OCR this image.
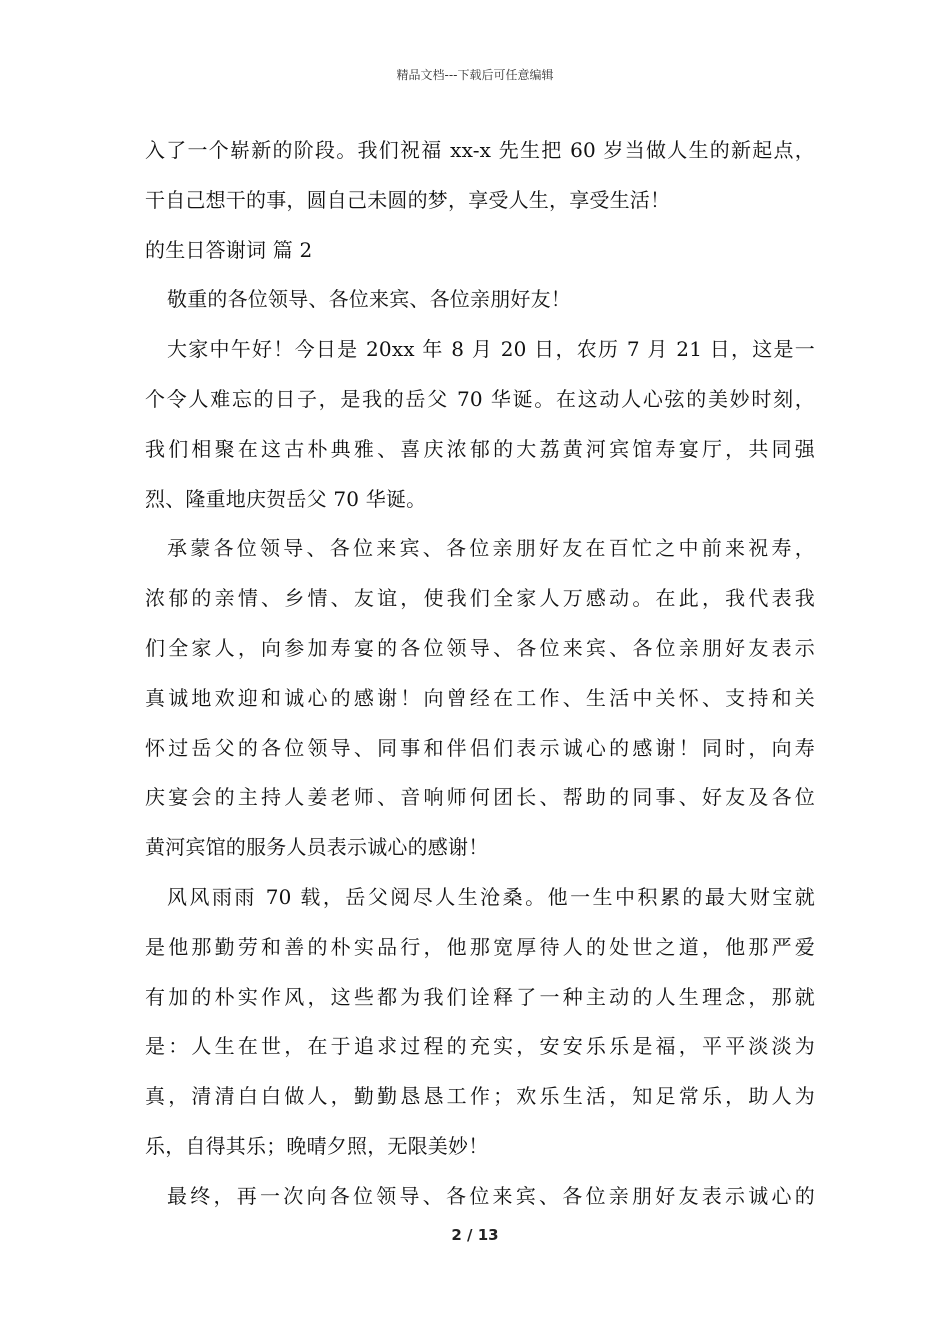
精品文档---下载后可任意编辑
入了一个崭新的阶段。我们祝福 xx-x 先生把 60 岁当做人生的新起点，
干自己想干的事，圆自己未圆的梦，享受人生，享受生活！
的生日答谢词 篇 2
敬重的各位领导、各位来宾、各位亲朋好友！
大家中午好！今日是 20xx 年 8 月 20 日，农历 7 月 21 日，这是一
个令人难忘的日子，是我的岳父 70 华诞。在这动人心弦的美妙时刻，
我们相聚在这古朴典雅、喜庆浓郁的大荔黄河宾馆寿宴厅，共同强
烈、隆重地庆贺岳父 70 华诞。
承蒙各位领导、各位来宾、各位亲朋好友在百忙之中前来祝寿，
浓郁的亲情、乡情、友谊，使我们全家人万感动。在此，我代表我
们全家人，向参加寿宴的各位领导、各位来宾、各位亲朋好友表示
真诚地欢迎和诚心的感谢！向曾经在工作、生活中关怀、支持和关
怀过岳父的各位领导、同事和伴侣们表示诚心的感谢！同时，向寿
庆宴会的主持人姜老师、音响师何团长、帮助的同事、好友及各位
黄河宾馆的服务人员表示诚心的感谢！
风风雨雨 70 载，岳父阅尽人生沧桑。他一生中积累的最大财宝就
是他那勤劳和善的朴实品行，他那宽厚待人的处世之道，他那严爱
有加的朴实作风，这些都为我们诠释了一种主动的人生理念，那就
是：人生在世，在于追求过程的充实，安安乐乐是福，平平淡淡为
真，清清白白做人，勤勤恳恳工作；欢乐生活，知足常乐，助人为
乐，自得其乐；晚晴夕照，无限美妙！
最终，再一次向各位领导、各位来宾、各位亲朋好友表示诚心的
2 / 13
